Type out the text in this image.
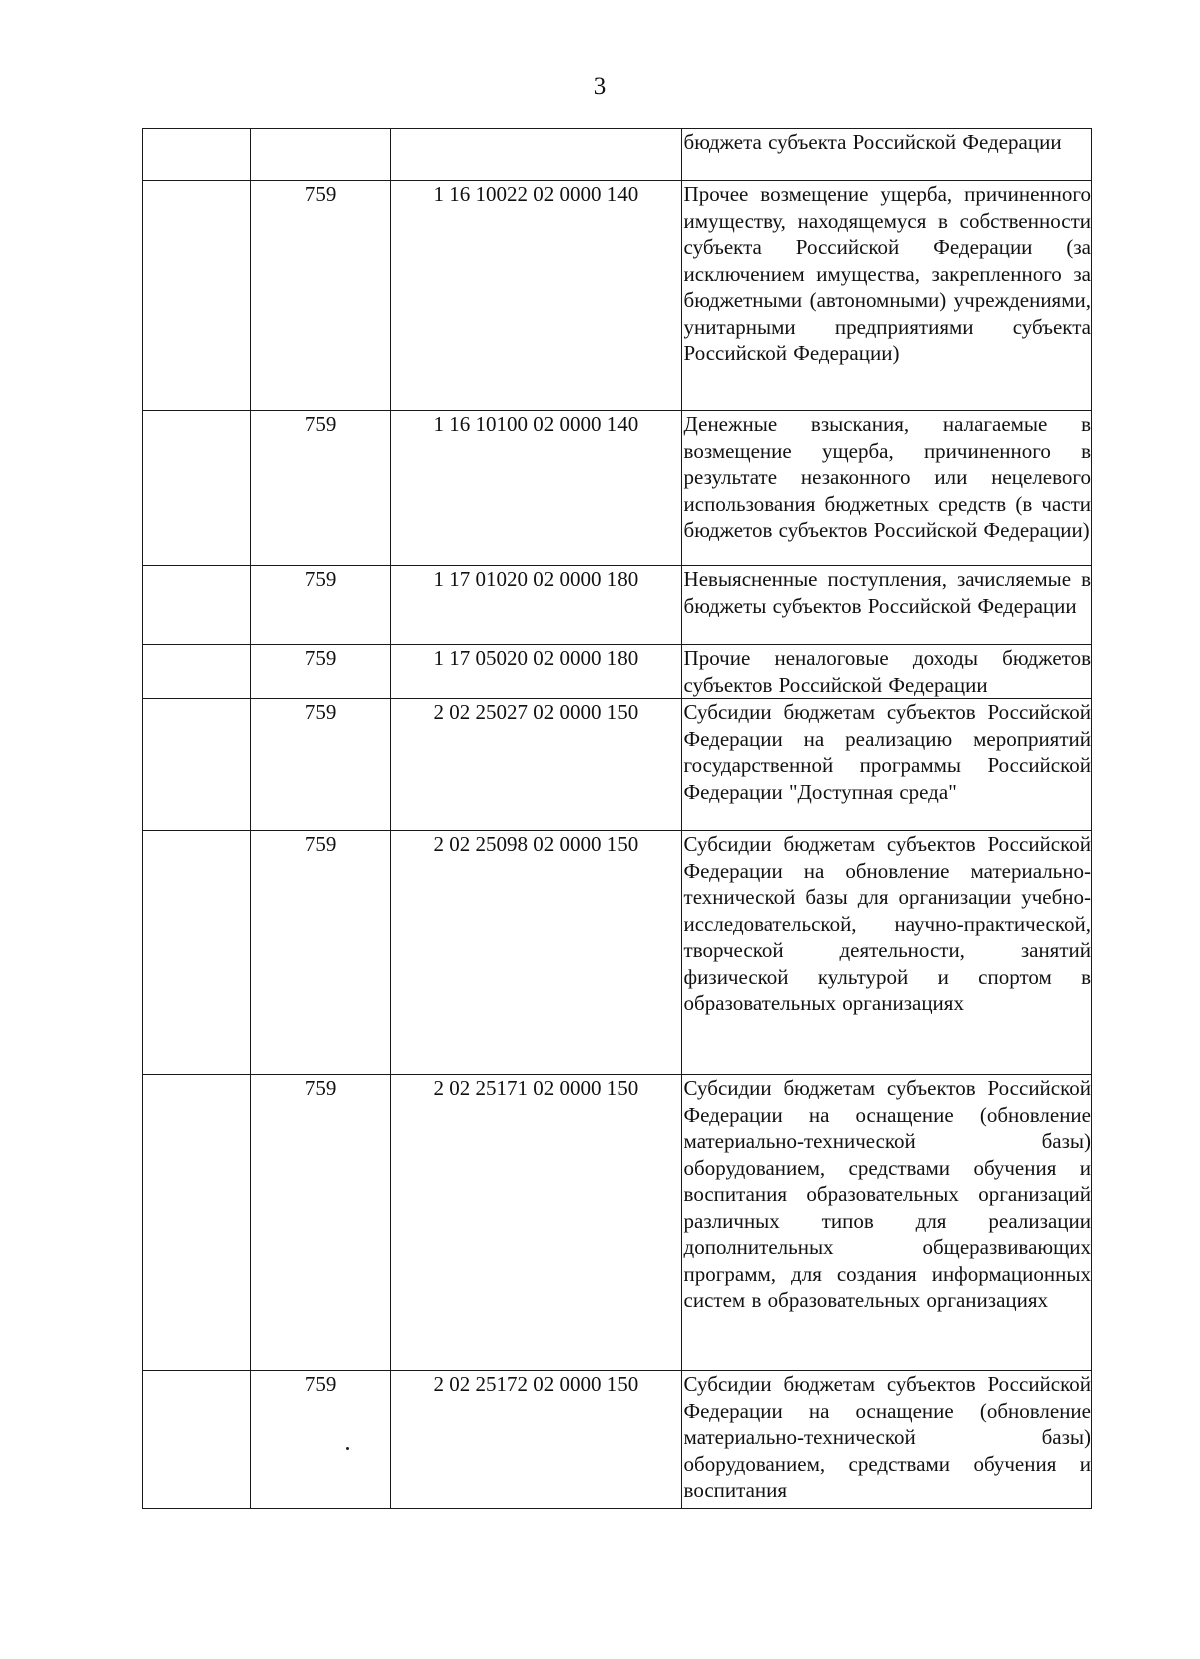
3

			бюджета субъекта Российской Федерации

	759	1 16 10022 02 0000 140	Прочее возмещение ущерба, причиненного имуществу, находящемуся в собственности субъекта Российской Федерации (за исключением имущества, закрепленного за бюджетными (автономными) учреждениями, унитарными предприятиями субъекта Российской Федерации)

	759	1 16 10100 02 0000 140	Денежные взыскания, налагаемые в возмещение ущерба, причиненного в результате незаконного или нецелевого использования бюджетных средств (в части бюджетов субъектов Российской Федерации)

	759	1 17 01020 02 0000 180	Невыясненные поступления, зачисляемые в бюджеты субъектов Российской Федерации

	759	1 17 05020 02 0000 180	Прочие неналоговые доходы бюджетов субъектов Российской Федерации

	759	2 02 25027 02 0000 150	Субсидии бюджетам субъектов Российской Федерации на реализацию мероприятий государственной программы Российской Федерации "Доступная среда"

	759	2 02 25098 02 0000 150	Субсидии бюджетам субъектов Российской Федерации на обновление материально-технической базы для организации учебно-исследовательской, научно-практической, творческой деятельности, занятий физической культурой и спортом в образовательных организациях

	759	2 02 25171 02 0000 150	Субсидии бюджетам субъектов Российской Федерации на оснащение (обновление материально-технической базы) оборудованием, средствами обучения и воспитания образовательных организаций различных типов для реализации дополнительных общеразвивающих программ, для создания информационных систем в образовательных организациях

	759	2 02 25172 02 0000 150	Субсидии бюджетам субъектов Российской Федерации на оснащение (обновление материально-технической базы) оборудованием, средствами обучения и воспитания
